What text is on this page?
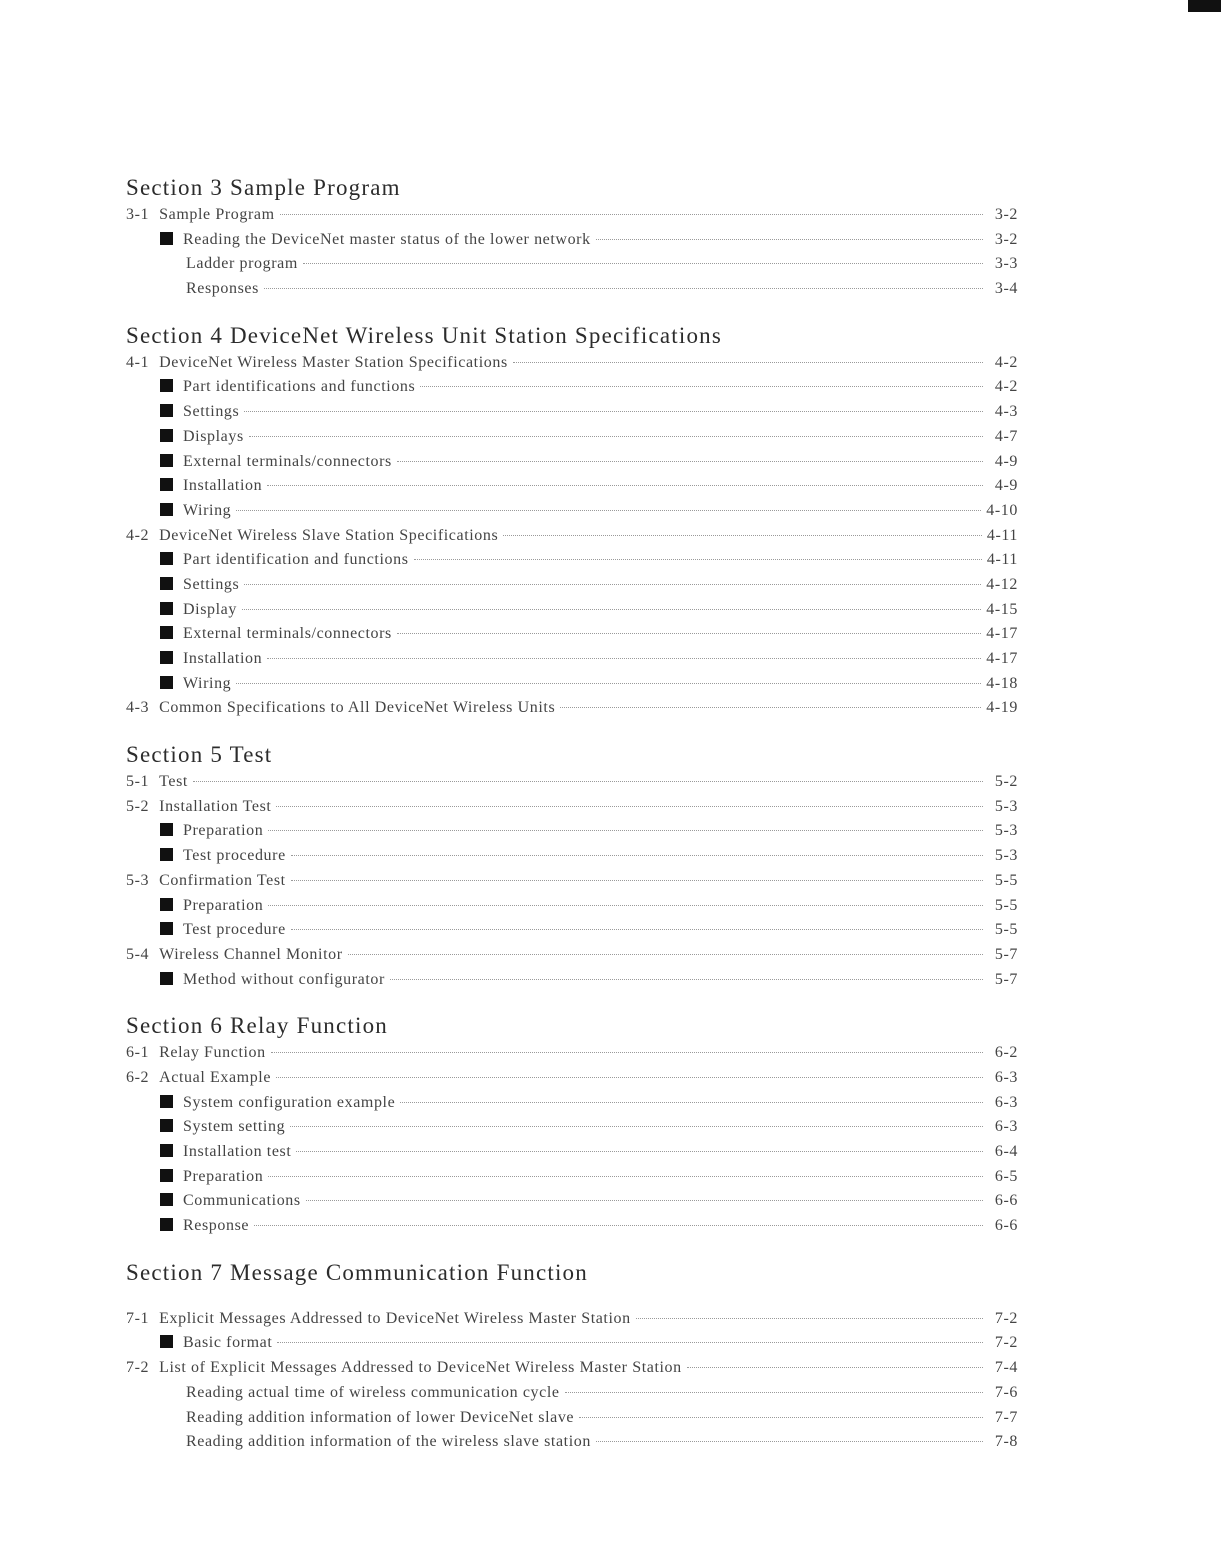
Section 3 Sample Program
3-1 Sample Program	3-2
Reading the DeviceNet master status of the lower network	3-2
Ladder program	3-3
Responses	3-4
Section 4 DeviceNet Wireless Unit Station Specifications
4-1 DeviceNet Wireless Master Station Specifications	4-2
Part identifications and functions	4-2
Settings	4-3
Displays	4-7
External terminals/connectors	4-9
Installation	4-9
Wiring	4-10
4-2 DeviceNet Wireless Slave Station Specifications	4-11
Part identification and functions	4-11
Settings	4-12
Display	4-15
External terminals/connectors	4-17
Installation	4-17
Wiring	4-18
4-3 Common Specifications to All DeviceNet Wireless Units	4-19
Section 5 Test
5-1 Test	5-2
5-2 Installation Test	5-3
Preparation	5-3
Test procedure	5-3
5-3 Confirmation Test	5-5
Preparation	5-5
Test procedure	5-5
5-4 Wireless Channel Monitor	5-7
Method without configurator	5-7
Section 6 Relay Function
6-1 Relay Function	6-2
6-2 Actual Example	6-3
System configuration example	6-3
System setting	6-3
Installation test	6-4
Preparation	6-5
Communications	6-6
Response	6-6
Section 7 Message Communication Function
7-1 Explicit Messages Addressed to DeviceNet Wireless Master Station	7-2
Basic format	7-2
7-2 List of Explicit Messages Addressed to DeviceNet Wireless Master Station	7-4
Reading actual time of wireless communication cycle	7-6
Reading addition information of lower DeviceNet slave	7-7
Reading addition information of the wireless slave station	7-8
